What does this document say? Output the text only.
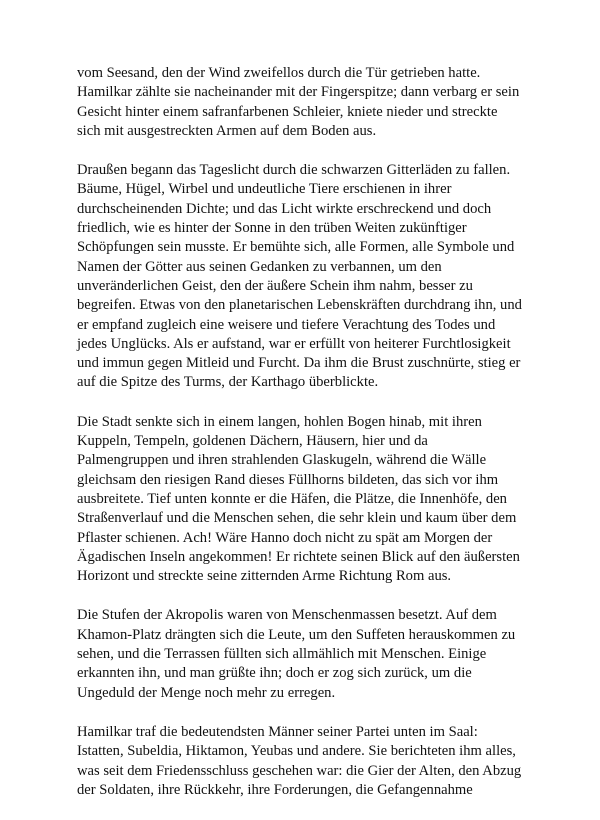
vom Seesand, den der Wind zweifellos durch die Tür getrieben hatte.
Hamilkar zählte sie nacheinander mit der Fingerspitze; dann verbarg er sein
Gesicht hinter einem safranfarbenen Schleier, kniete nieder und streckte
sich mit ausgestreckten Armen auf dem Boden aus.

Draußen begann das Tageslicht durch die schwarzen Gitterläden zu fallen.
Bäume, Hügel, Wirbel und undeutliche Tiere erschienen in ihrer
durchscheinenden Dichte; und das Licht wirkte erschreckend und doch
friedlich, wie es hinter der Sonne in den trüben Weiten zukünftiger
Schöpfungen sein musste. Er bemühte sich, alle Formen, alle Symbole und
Namen der Götter aus seinen Gedanken zu verbannen, um den
unveränderlichen Geist, den der äußere Schein ihm nahm, besser zu
begreifen. Etwas von den planetarischen Lebenskräften durchdrang ihn, und
er empfand zugleich eine weisere und tiefere Verachtung des Todes und
jedes Unglücks. Als er aufstand, war er erfüllt von heiterer Furchtlosigkeit
und immun gegen Mitleid und Furcht. Da ihm die Brust zuschnürte, stieg er
auf die Spitze des Turms, der Karthago überblickte.

Die Stadt senkte sich in einem langen, hohlen Bogen hinab, mit ihren
Kuppeln, Tempeln, goldenen Dächern, Häusern, hier und da
Palmengruppen und ihren strahlenden Glaskugeln, während die Wälle
gleichsam den riesigen Rand dieses Füllhorns bildeten, das sich vor ihm
ausbreitete. Tief unten konnte er die Häfen, die Plätze, die Innenhöfe, den
Straßenverlauf und die Menschen sehen, die sehr klein und kaum über dem
Pflaster schienen. Ach! Wäre Hanno doch nicht zu spät am Morgen der
Ägadischen Inseln angekommen! Er richtete seinen Blick auf den äußersten
Horizont und streckte seine zitternden Arme Richtung Rom aus.

Die Stufen der Akropolis waren von Menschenmassen besetzt. Auf dem
Khamon-Platz drängten sich die Leute, um den Suffeten herauskommen zu
sehen, und die Terrassen füllten sich allmählich mit Menschen. Einige
erkannten ihn, und man grüßte ihn; doch er zog sich zurück, um die
Ungeduld der Menge noch mehr zu erregen.

Hamilkar traf die bedeutendsten Männer seiner Partei unten im Saal:
Istatten, Subeldia, Hiktamon, Yeubas und andere. Sie berichteten ihm alles,
was seit dem Friedensschluss geschehen war: die Gier der Alten, den Abzug
der Soldaten, ihre Rückkehr, ihre Forderungen, die Gefangennahme
